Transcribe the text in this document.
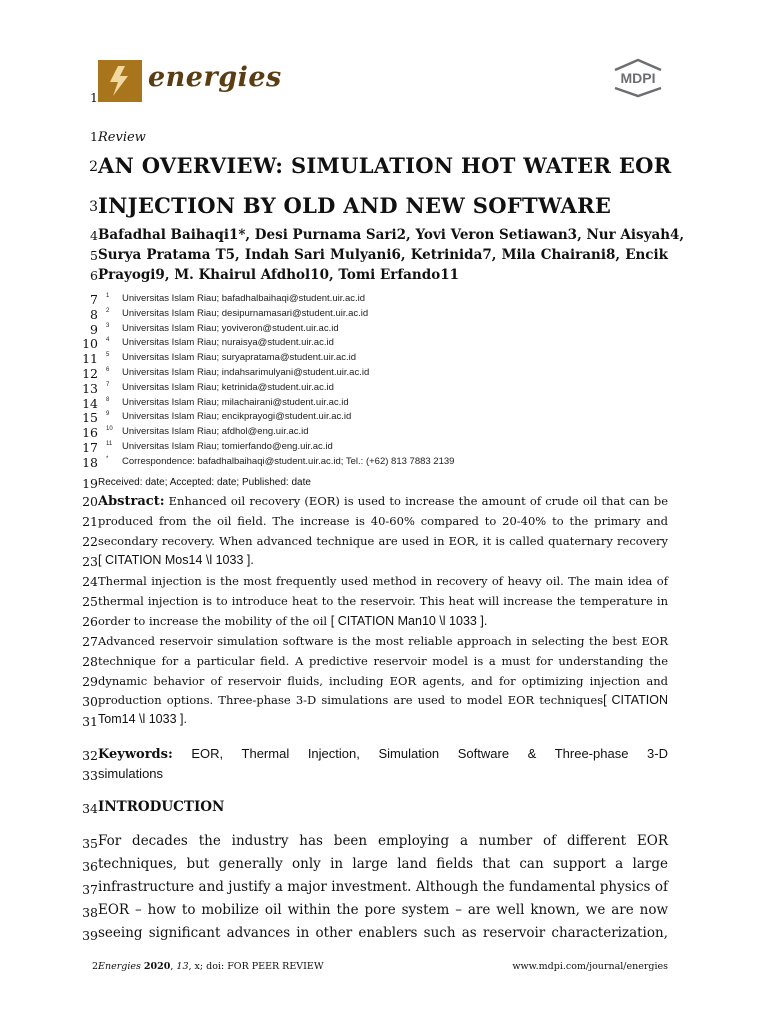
1
energies	MDPI
1 Review
2 AN OVERVIEW: SIMULATION HOT WATER EOR
3 INJECTION BY OLD AND NEW SOFTWARE
4 Bafadhal Baihaqi1*, Desi Purnama Sari2, Yovi Veron Setiawan3, Nur Aisyah4,
5 Surya Pratama T5, Indah Sari Mulyani6, Ketrinida7, Mila Chairani8, Encik
6 Prayogi9, M. Khairul Afdhol10, Tomi Erfando11
7 1 Universitas Islam Riau; bafadhalbaihaqi@student.uir.ac.id
8 2 Universitas Islam Riau; desipurnamasari@student.uir.ac.id
9 3 Universitas Islam Riau; yoviveron@student.uir.ac.id
10 4 Universitas Islam Riau; nuraisya@student.uir.ac.id
11 5 Universitas Islam Riau; suryapratama@student.uir.ac.id
12 6 Universitas Islam Riau; indahsarimulyani@student.uir.ac.id
13 7 Universitas Islam Riau; ketrinida@student.uir.ac.id
14 8 Universitas Islam Riau; milachairani@student.uir.ac.id
15 9 Universitas Islam Riau; encikprayogi@student.uir.ac.id
16 10 Universitas Islam Riau; afdhol@eng.uir.ac.id
17 11 Universitas Islam Riau; tomierfando@eng.uir.ac.id
18 * Correspondence: bafadhalbaihaqi@student.uir.ac.id; Tel.: (+62) 813 7883 2139
19 Received: date; Accepted: date; Published: date
20 Abstract: Enhanced oil recovery (EOR) is used to increase the amount of crude oil that can be
21 produced from the oil field. The increase is 40-60% compared to 20-40% to the primary and
22 secondary recovery. When advanced technique are used in EOR, it is called quaternary recovery
23 [ CITATION Mos14 \l 1033 ].
24 Thermal injection is the most frequently used method in recovery of heavy oil. The main idea of
25 thermal injection is to introduce heat to the reservoir. This heat will increase the temperature in
26 order to increase the mobility of the oil [ CITATION Man10 \l 1033 ].
27 Advanced reservoir simulation software is the most reliable approach in selecting the best EOR
28 technique for a particular field. A predictive reservoir model is a must for understanding the
29 dynamic behavior of reservoir fluids, including EOR agents, and for optimizing injection and
30 production options. Three-phase 3-D simulations are used to model EOR techniques[ CITATION
31 Tom14 \l 1033 ].
32 Keywords: EOR, Thermal Injection, Simulation Software & Three-phase 3-D
33 simulations
34 INTRODUCTION
35 For decades the industry has been employing a number of different EOR
36 techniques, but generally only in large land fields that can support a large
37 infrastructure and justify a major investment. Although the fundamental physics of
38 EOR – how to mobilize oil within the pore system – are well known, we are now
39 seeing significant advances in other enablers such as reservoir characterization,
2Energies 2020, 13, x; doi: FOR PEER REVIEW	www.mdpi.com/journal/energies
